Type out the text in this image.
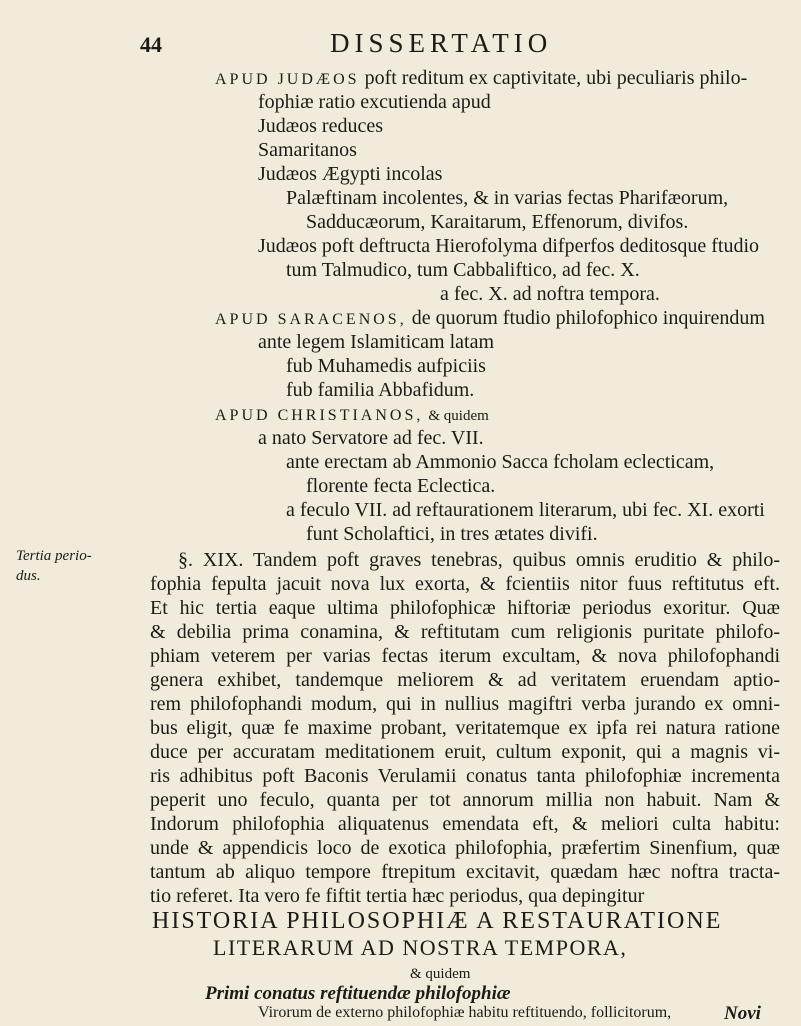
44	DISSERTATIO
APUD JUDÆOS poft reditum ex captivitate, ubi peculiaris philo-
fophiæ ratio excutienda apud
Judæos reduces
Samaritanos
Judæos Ægypti incolas
Palæftinam incolentes, & in varias fectas Pharifæorum,
Sadducæorum, Karaitarum, Effenorum, divifos.
Judæos poft deftructa Hierofolyma difperfos deditosque ftudio
tum Talmudico, tum Cabbaliftico, ad fec. X.
a fec. X. ad noftra tempora.
APUD SARACENOS, de quorum ftudio philofophico inquirendum
ante legem Islamiticam latam
fub Muhamedis aufpiciis
fub familia Abbafidum.
APUD CHRISTIANOS, & quidem
a nato Servatore ad fec. VII.
ante erectam ab Ammonio Sacca fcholam eclecticam,
florente fecta Eclectica.
a feculo VII. ad reftaurationem literarum, ubi fec. XI. exorti
funt Scholaftici, in tres ætates divifi.
Tertia perio-
dus.
§. XIX. Tandem poft graves tenebras, quibus omnis eruditio & philo-
fophia fepulta jacuit nova lux exorta, & fcientiis nitor fuus reftitutus eft.
Et hic tertia eaque ultima philofophicæ hiftoriæ periodus exoritur. Quæ
& debilia prima conamina, & reftitutam cum religionis puritate philofo-
phiam veterem per varias fectas iterum excultam, & nova philofophandi
genera exhibet, tandemque meliorem & ad veritatem eruendam aptio-
rem philofophandi modum, qui in nullius magiftri verba jurando ex omni-
bus eligit, quæ fe maxime probant, veritatemque ex ipfa rei natura ratione
duce per accuratam meditationem eruit, cultum exponit, qui a magnis vi-
ris adhibitus poft Baconis Verulamii conatus tanta philofophiæ incrementa
peperit uno feculo, quanta per tot annorum millia non habuit. Nam &
Indorum philofophia aliquatenus emendata eft, & meliori culta habitu:
unde & appendicis loco de exotica philofophia, præfertim Sinenfium, quæ
tantum ab aliquo tempore ftrepitum excitavit, quædam hæc noftra tracta-
tio referet. Ita vero fe fiftit tertia hæc periodus, qua depingitur
HISTORIA PHILOSOPHIÆ A RESTAURATIONE
LITERARUM AD NOSTRA TEMPORA,
& quidem
Primi conatus reftituendæ philofophiæ
Virorum de externo philofophiæ habitu reftituendo, follicitorum,	Novi
